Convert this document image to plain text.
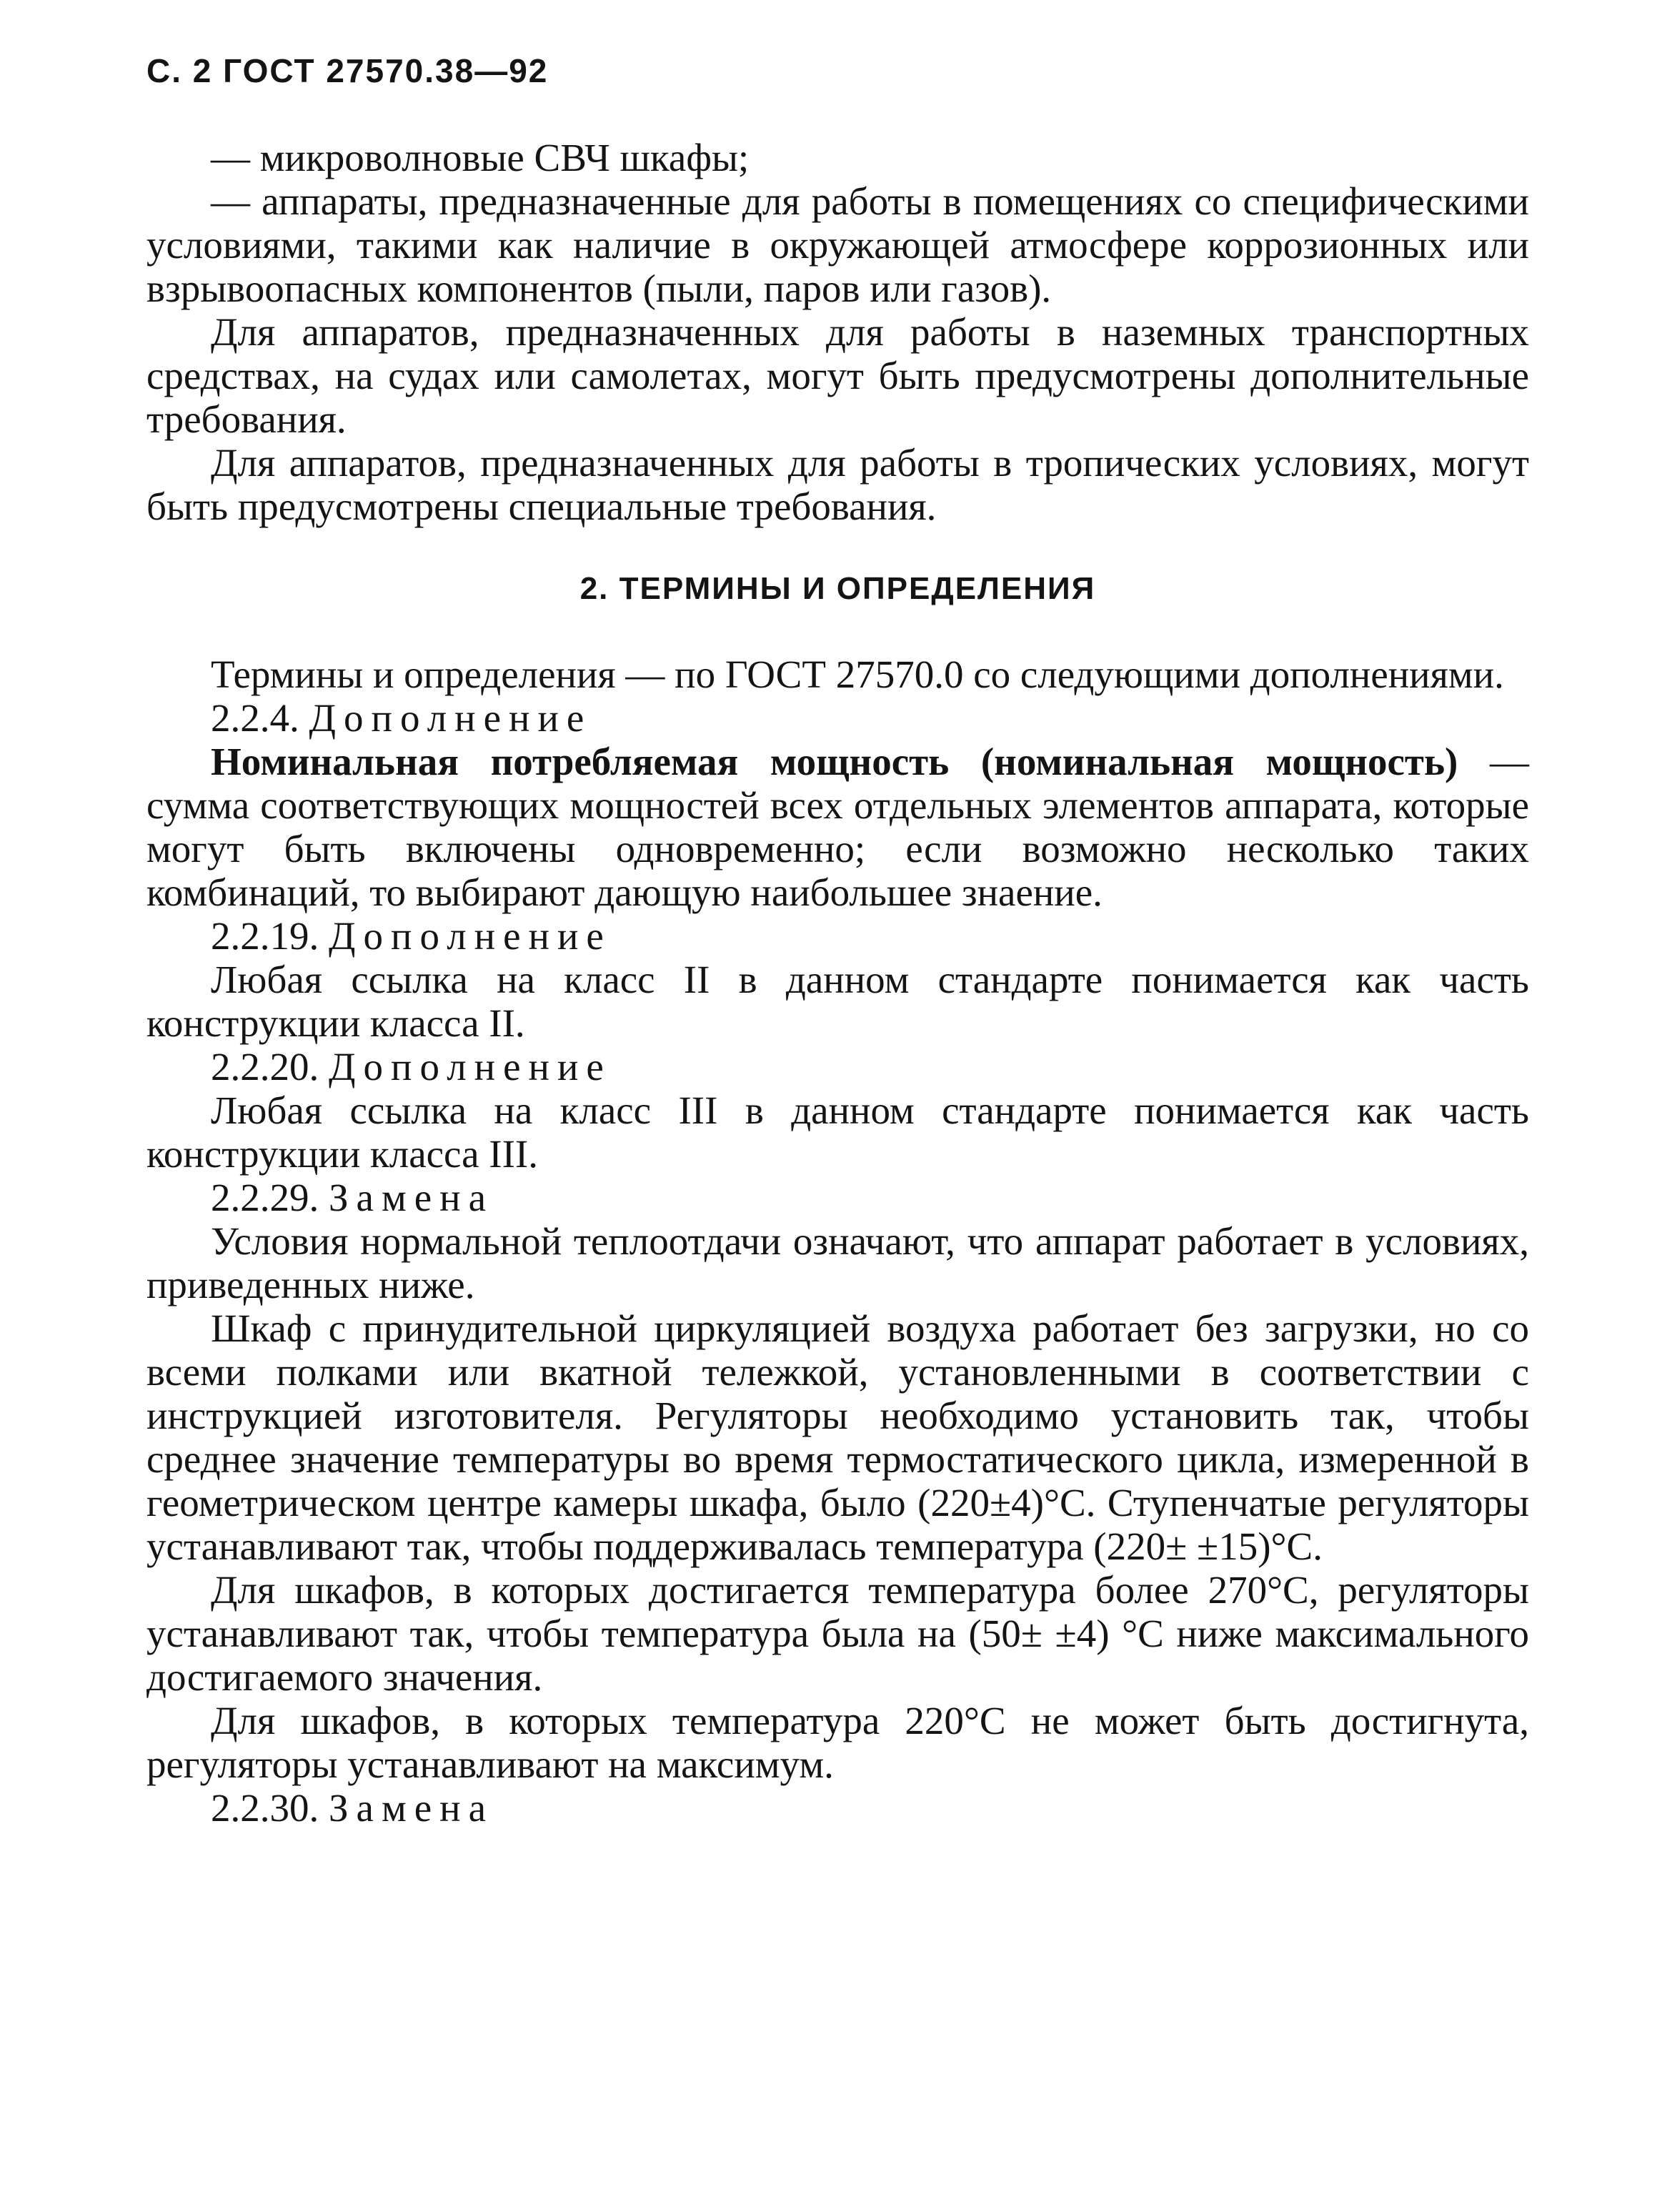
С. 2 ГОСТ 27570.38—92

— микроволновые СВЧ шкафы;

— аппараты, предназначенные для работы в помещениях со специфическими условиями, такими как наличие в окружающей атмосфере коррозионных или взрывоопасных компонентов (пыли, паров или газов).

Для аппаратов, предназначенных для работы в наземных транспортных средствах, на судах или самолетах, могут быть предусмотрены дополнительные требования.

Для аппаратов, предназначенных для работы в тропических условиях, могут быть предусмотрены специальные требования.

2. ТЕРМИНЫ И ОПРЕДЕЛЕНИЯ

Термины и определения — по ГОСТ 27570.0 со следующими дополнениями.

2.2.4. Дополнение

Номинальная потребляемая мощность (номинальная мощность) — сумма соответствующих мощностей всех отдельных элементов аппарата, которые могут быть включены одновременно; если возможно несколько таких комбинаций, то выбирают дающую наибольшее знаение.

2.2.19. Дополнение

Любая ссылка на класс II в данном стандарте понимается как часть конструкции класса II.

2.2.20. Дополнение

Любая ссылка на класс III в данном стандарте понимается как часть конструкции класса III.

2.2.29. Замена

Условия нормальной теплоотдачи означают, что аппарат работает в условиях, приведенных ниже.

Шкаф с принудительной циркуляцией воздуха работает без загрузки, но со всеми полками или вкатной тележкой, установленными в соответствии с инструкцией изготовителя. Регуляторы необходимо установить так, чтобы среднее значение температуры во время термостатического цикла, измеренной в геометрическом центре камеры шкафа, было (220±4)°С. Ступенчатые регуляторы устанавливают так, чтобы поддерживалась температура (220± ±15)°С.

Для шкафов, в которых достигается температура более 270°С, регуляторы устанавливают так, чтобы температура была на (50± ±4) °С ниже максимального достигаемого значения.

Для шкафов, в которых температура 220°С не может быть достигнута, регуляторы устанавливают на максимум.

2.2.30. Замена
